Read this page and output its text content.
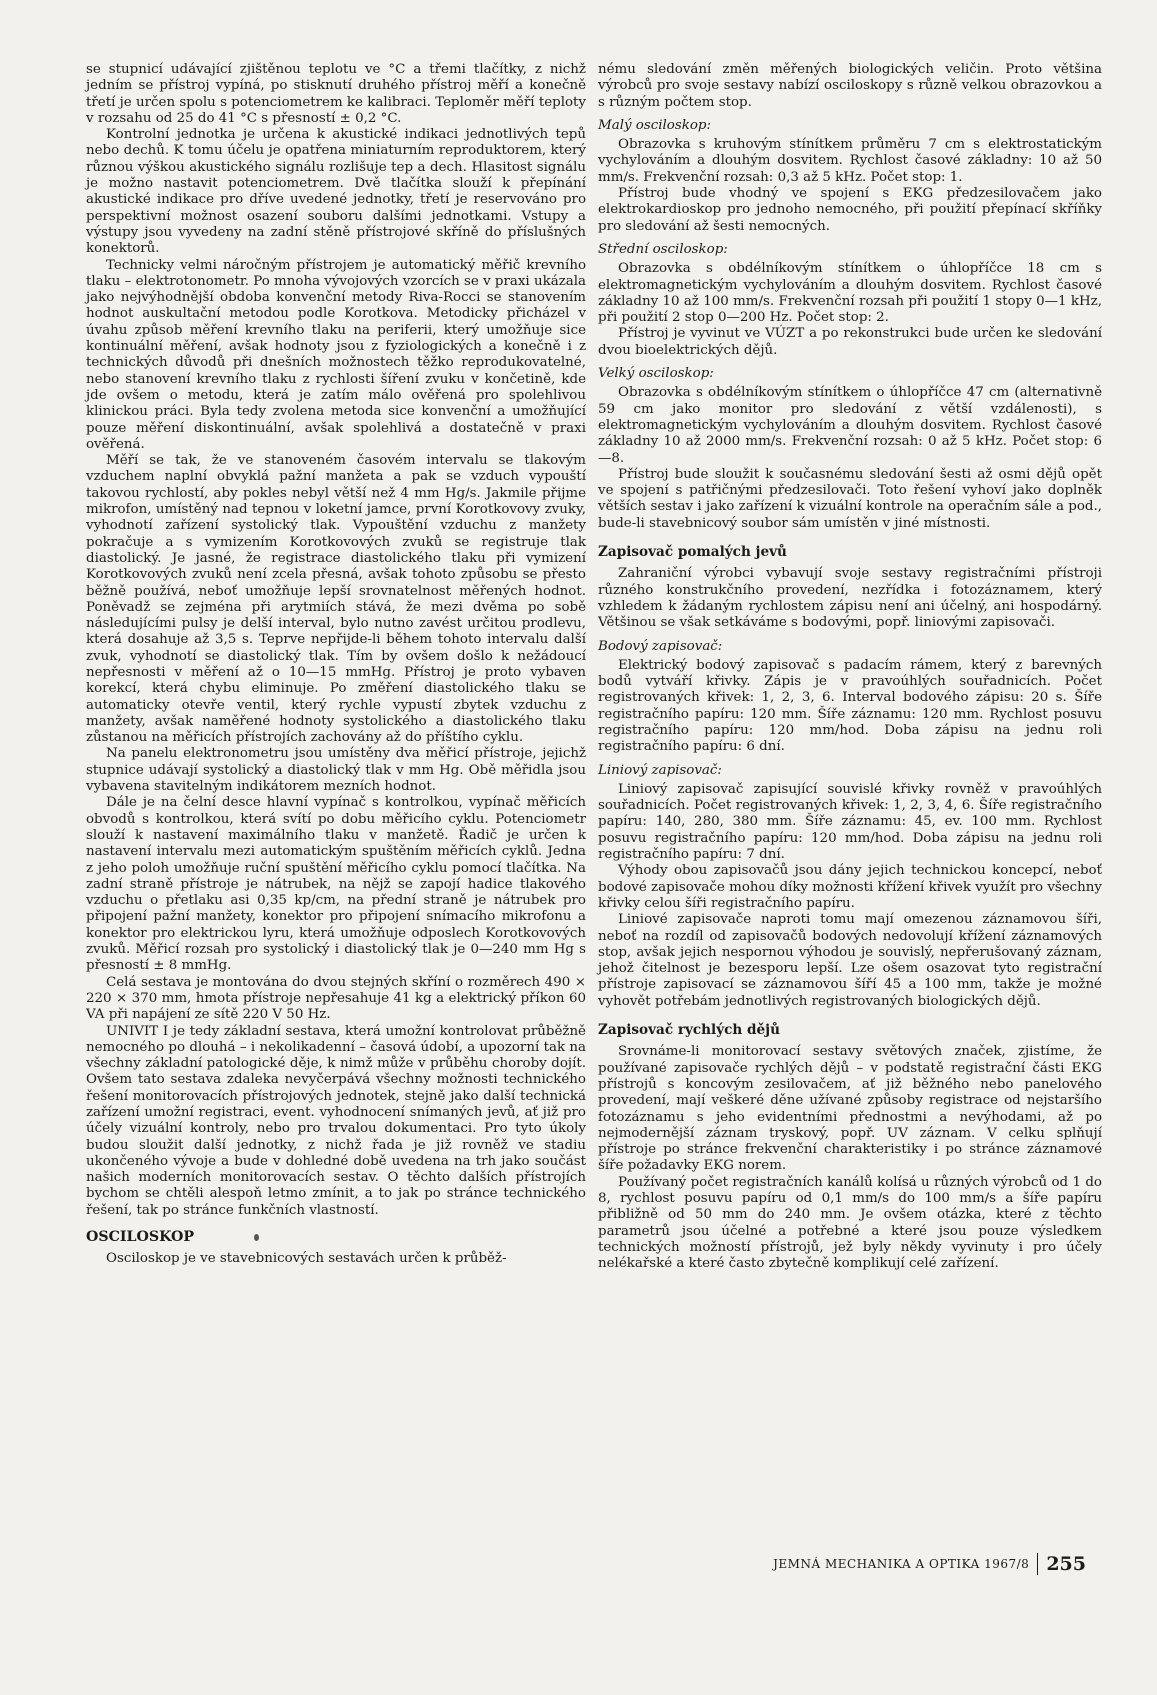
se stupnicí udávající zjištěnou teplotu ve °C a třemi tlačítky, z nichž jedním se přístroj vypíná, po stisknutí druhého přístroj měří a konečně třetí je určen spolu s potenciometrem ke kalibraci. Teploměr měří teploty v rozsahu od 25 do 41 °C s přesností ± 0,2 °C.

Kontrolní jednotka je určena k akustické indikaci jednotlivých tepů nebo dechů. K tomu účelu je opatřena miniaturním reproduktorem, který různou výškou akustického signálu rozlišuje tep a dech. Hlasitost signálu je možno nastavit potenciometrem. Dvě tlačítka slouží k přepínání akustické indikace pro dříve uvedené jednotky, třetí je reservováno pro perspektivní možnost osazení souboru dalšími jednotkami. Vstupy a výstupy jsou vyvedeny na zadní stěně přístrojové skříně do příslušných konektorů.

Technicky velmi náročným přístrojem je automatický měřič krevního tlaku – elektrotonometr. Po mnoha vývojových vzorcích se v praxi ukázala jako nejvýhodnější obdoba konvenční metody Riva-Rocci se stanovením hodnot auskultační metodou podle Korotkova. Metodicky přicházel v úvahu způsob měření krevního tlaku na periferii, který umožňuje sice kontinuální měření, avšak hodnoty jsou z fyziologických a konečně i z technických důvodů při dnešních možnostech těžko reprodukovatelné, nebo stanovení krevního tlaku z rychlosti šíření zvuku v končetině, kde jde ovšem o metodu, která je zatím málo ověřená pro spolehlivou klinickou práci. Byla tedy zvolena metoda sice konvenční a umožňující pouze měření diskontinuální, avšak spolehlivá a dostatečně v praxi ověřená.

Měří se tak, že ve stanoveném časovém intervalu se tlakovým vzduchem naplní obvyklá pažní manžeta a pak se vzduch vypouští takovou rychlostí, aby pokles nebyl větší než 4 mm Hg/s. Jakmile přijme mikrofon, umístěný nad tepnou v loketní jamce, první Korotkovovy zvuky, vyhodnotí zařízení systolický tlak. Vypouštění vzduchu z manžety pokračuje a s vymizením Korotkovových zvuků se registruje tlak diastolický. Je jasné, že registrace diastolického tlaku při vymizení Korotkovových zvuků není zcela přesná, avšak tohoto způsobu se přesto běžně používá, neboť umožňuje lepší srovnatelnost měřených hodnot. Poněvadž se zejména při arytmiích stává, že mezi dvěma po sobě následujícími pulsy je delší interval, bylo nutno zavést určitou prodlevu, která dosahuje až 3,5 s. Teprve nepřijde-li během tohoto intervalu další zvuk, vyhodnotí se diastolický tlak. Tím by ovšem došlo k nežádoucí nepřesnosti v měření až o 10—15 mmHg. Přístroj je proto vybaven korekcí, která chybu eliminuje. Po změření diastolického tlaku se automaticky otevře ventil, který rychle vypustí zbytek vzduchu z manžety, avšak naměřené hodnoty systolického a diastolického tlaku zůstanou na měřicích přístrojích zachovány až do příštího cyklu.

Na panelu elektronometru jsou umístěny dva měřicí přístroje, jejichž stupnice udávají systolický a diastolický tlak v mm Hg. Obě měřidla jsou vybavena stavitelným indikátorem mezních hodnot.

Dále je na čelní desce hlavní vypínač s kontrolkou, vypínač měřicích obvodů s kontrolkou, která svítí po dobu měřicího cyklu. Potenciometr slouží k nastavení maximálního tlaku v manžetě. Řadič je určen k nastavení intervalu mezi automatickým spuštěním měřicích cyklů. Jedna z jeho poloh umožňuje ruční spuštění měřicího cyklu pomocí tlačítka. Na zadní straně přístroje je nátrubek, na nějž se zapojí hadice tlakového vzduchu o přetlaku asi 0,35 kp/cm, na přední straně je nátrubek pro připojení pažní manžety, konektor pro připojení snímacího mikrofonu a konektor pro elektrickou lyru, která umožňuje odposlech Korotkovových zvuků. Měřicí rozsah pro systolický i diastolický tlak je 0—240 mm Hg s přesností ± 8 mmHg.

Celá sestava je montována do dvou stejných skříní o rozměrech 490 × 220 × 370 mm, hmota přístroje nepřesahuje 41 kg a elektrický příkon 60 VA při napájení ze sítě 220 V 50 Hz.

UNIVIT I je tedy základní sestava, která umožní kontrolovat průběžně nemocného po dlouhá – i nekolikadenní – časová údobí, a upozorní tak na všechny základní patologické děje, k nimž může v průběhu choroby dojít. Ovšem tato sestava zdaleka nevyčerpává všechny možnosti technického řešení monitorovacích přístrojových jednotek, stejně jako další technická zařízení umožní registraci, event. vyhodnocení snímaných jevů, ať již pro účely vizuální kontroly, nebo pro trvalou dokumentaci. Pro tyto úkoly budou sloužit další jednotky, z nichž řada je již rovněž ve stadiu ukončeného vývoje a bude v dohledné době uvedena na trh jako součást našich moderních monitorovacích sestav. O těchto dalších přístrojích bychom se chtěli alespoň letmo zmínit, a to jak po stránce technického řešení, tak po stránce funkčních vlastností.

OSCILOSKOP

Osciloskop je ve stavebnicových sestavách určen k průběž-

nému sledování změn měřených biologických veličin. Proto většina výrobců pro svoje sestavy nabízí osciloskopy s různě velkou obrazovkou a s různým počtem stop.

Malý osciloskop:

Obrazovka s kruhovým stínítkem průměru 7 cm s elektrostatickým vychylováním a dlouhým dosvitem. Rychlost časové základny: 10 až 50 mm/s. Frekvenční rozsah: 0,3 až 5 kHz. Počet stop: 1.

Přístroj bude vhodný ve spojení s EKG předzesilovačem jako elektrokardioskop pro jednoho nemocného, při použití přepínací skříňky pro sledování až šesti nemocných.

Střední osciloskop:

Obrazovka s obdélníkovým stínítkem o úhlopříčce 18 cm s elektromagnetickým vychylováním a dlouhým dosvitem. Rychlost časové základny 10 až 100 mm/s. Frekvenční rozsah při použití 1 stopy 0—1 kHz, při použití 2 stop 0—200 Hz. Počet stop: 2.

Přístroj je vyvinut ve VÚZT a po rekonstrukci bude určen ke sledování dvou bioelektrických dějů.

Velký osciloskop:

Obrazovka s obdélníkovým stínítkem o úhlopříčce 47 cm (alternativně 59 cm jako monitor pro sledování z větší vzdálenosti), s elektromagnetickým vychylováním a dlouhým dosvitem. Rychlost časové základny 10 až 2000 mm/s. Frekvenční rozsah: 0 až 5 kHz. Počet stop: 6—8.

Přístroj bude sloužit k současnému sledování šesti až osmi dějů opět ve spojení s patřičnými předzesilovači. Toto řešení vyhoví jako doplněk větších sestav i jako zařízení k vizuální kontrole na operačním sále a pod., bude-li stavebnicový soubor sám umístěn v jiné místnosti.

Zapisovač pomalých jevů

Zahraniční výrobci vybavují svoje sestavy registračními přístroji různého konstrukčního provedení, nezřídka i fotozáznamem, který vzhledem k žádaným rychlostem zápisu není ani účelný, ani hospodárný. Většinou se však setkáváme s bodovými, popř. liniovými zapisovači.

Bodový zapisovač:

Elektrický bodový zapisovač s padacím rámem, který z barevných bodů vytváří křivky. Zápis je v pravoúhlých souřadnicích. Počet registrovaných křivek: 1, 2, 3, 6. Interval bodového zápisu: 20 s. Šíře registračního papíru: 120 mm. Šíře záznamu: 120 mm. Rychlost posuvu registračního papíru: 120 mm/hod. Doba zápisu na jednu roli registračního papíru: 6 dní.

Liniový zapisovač:

Liniový zapisovač zapisující souvislé křivky rovněž v pravoúhlých souřadnicích. Počet registrovaných křivek: 1, 2, 3, 4, 6. Šíře registračního papíru: 140, 280, 380 mm. Šíře záznamu: 45, ev. 100 mm. Rychlost posuvu registračního papíru: 120 mm/hod. Doba zápisu na jednu roli registračního papíru: 7 dní.

Výhody obou zapisovačů jsou dány jejich technickou koncepcí, neboť bodové zapisovače mohou díky možnosti křížení křivek využít pro všechny křivky celou šíři registračního papíru.

Liniové zapisovače naproti tomu mají omezenou záznamovou šíři, neboť na rozdíl od zapisovačů bodových nedovolují křížení záznamových stop, avšak jejich nespornou výhodou je souvislý, nepřerušovaný záznam, jehož čitelnost je bezesporu lepší. Lze ošem osazovat tyto registrační přístroje zapisovací se záznamovou šíří 45 a 100 mm, takže je možné vyhovět potřebám jednotlivých registrovaných biologických dějů.

Zapisovač rychlých dějů

Srovnáme-li monitorovací sestavy světových značek, zjistíme, že používané zapisovače rychlých dějů – v podstatě registrační části EKG přístrojů s koncovým zesilovačem, ať již běžného nebo panelového provedení, mají veškeré děne užívané způsoby registrace od nejstaršího fotozáznamu s jeho evidentními přednostmi a nevýhodami, až po nejmodernější záznam tryskový, popř. UV záznam. V celku splňují přístroje po stránce frekvenční charakteristiky i po stránce záznamové šíře požadavky EKG norem.

Používaný počet registračních kanálů kolísá u různých výrobců od 1 do 8, rychlost posuvu papíru od 0,1 mm/s do 100 mm/s a šíře papíru přibližně od 50 mm do 240 mm. Je ovšem otázka, které z těchto parametrů jsou účelné a potřebné a které jsou pouze výsledkem technických možností přístrojů, jež byly někdy vyvinuty i pro účely nelékařské a které často zbytečně komplikují celé zařízení.

JEMNÁ MECHANIKA A OPTIKA 1967/8 255
